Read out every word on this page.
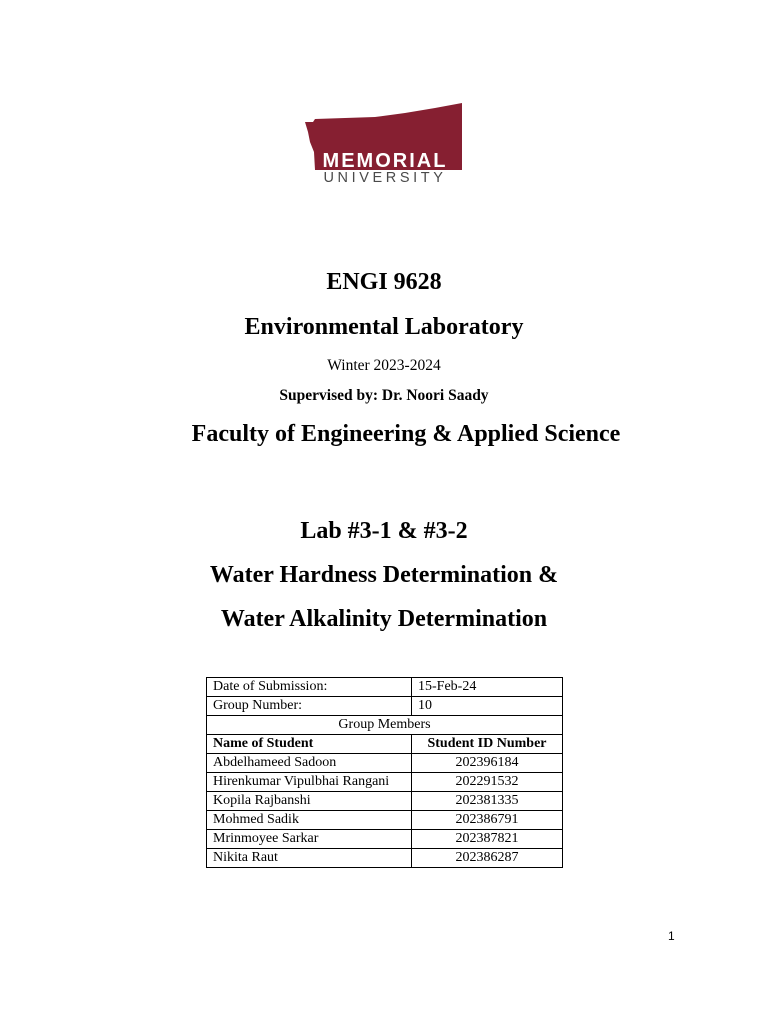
MEMORIAL
UNIVERSITY
ENGI 9628
Environmental Laboratory
Winter 2023-2024
Supervised by: Dr. Noori Saady
Faculty of Engineering & Applied Science
Lab #3-1 & #3-2
Water Hardness Determination &
Water Alkalinity Determination
Date of Submission:	15-Feb-24
Group Number:	10
Group Members	
Name of Student	Student ID Number
Abdelhameed Sadoon	202396184
Hirenkumar Vipulbhai Rangani	202291532
Kopila Rajbanshi	202381335
Mohmed Sadik	202386791
Mrinmoyee Sarkar	202387821
Nikita Raut	202386287
1
